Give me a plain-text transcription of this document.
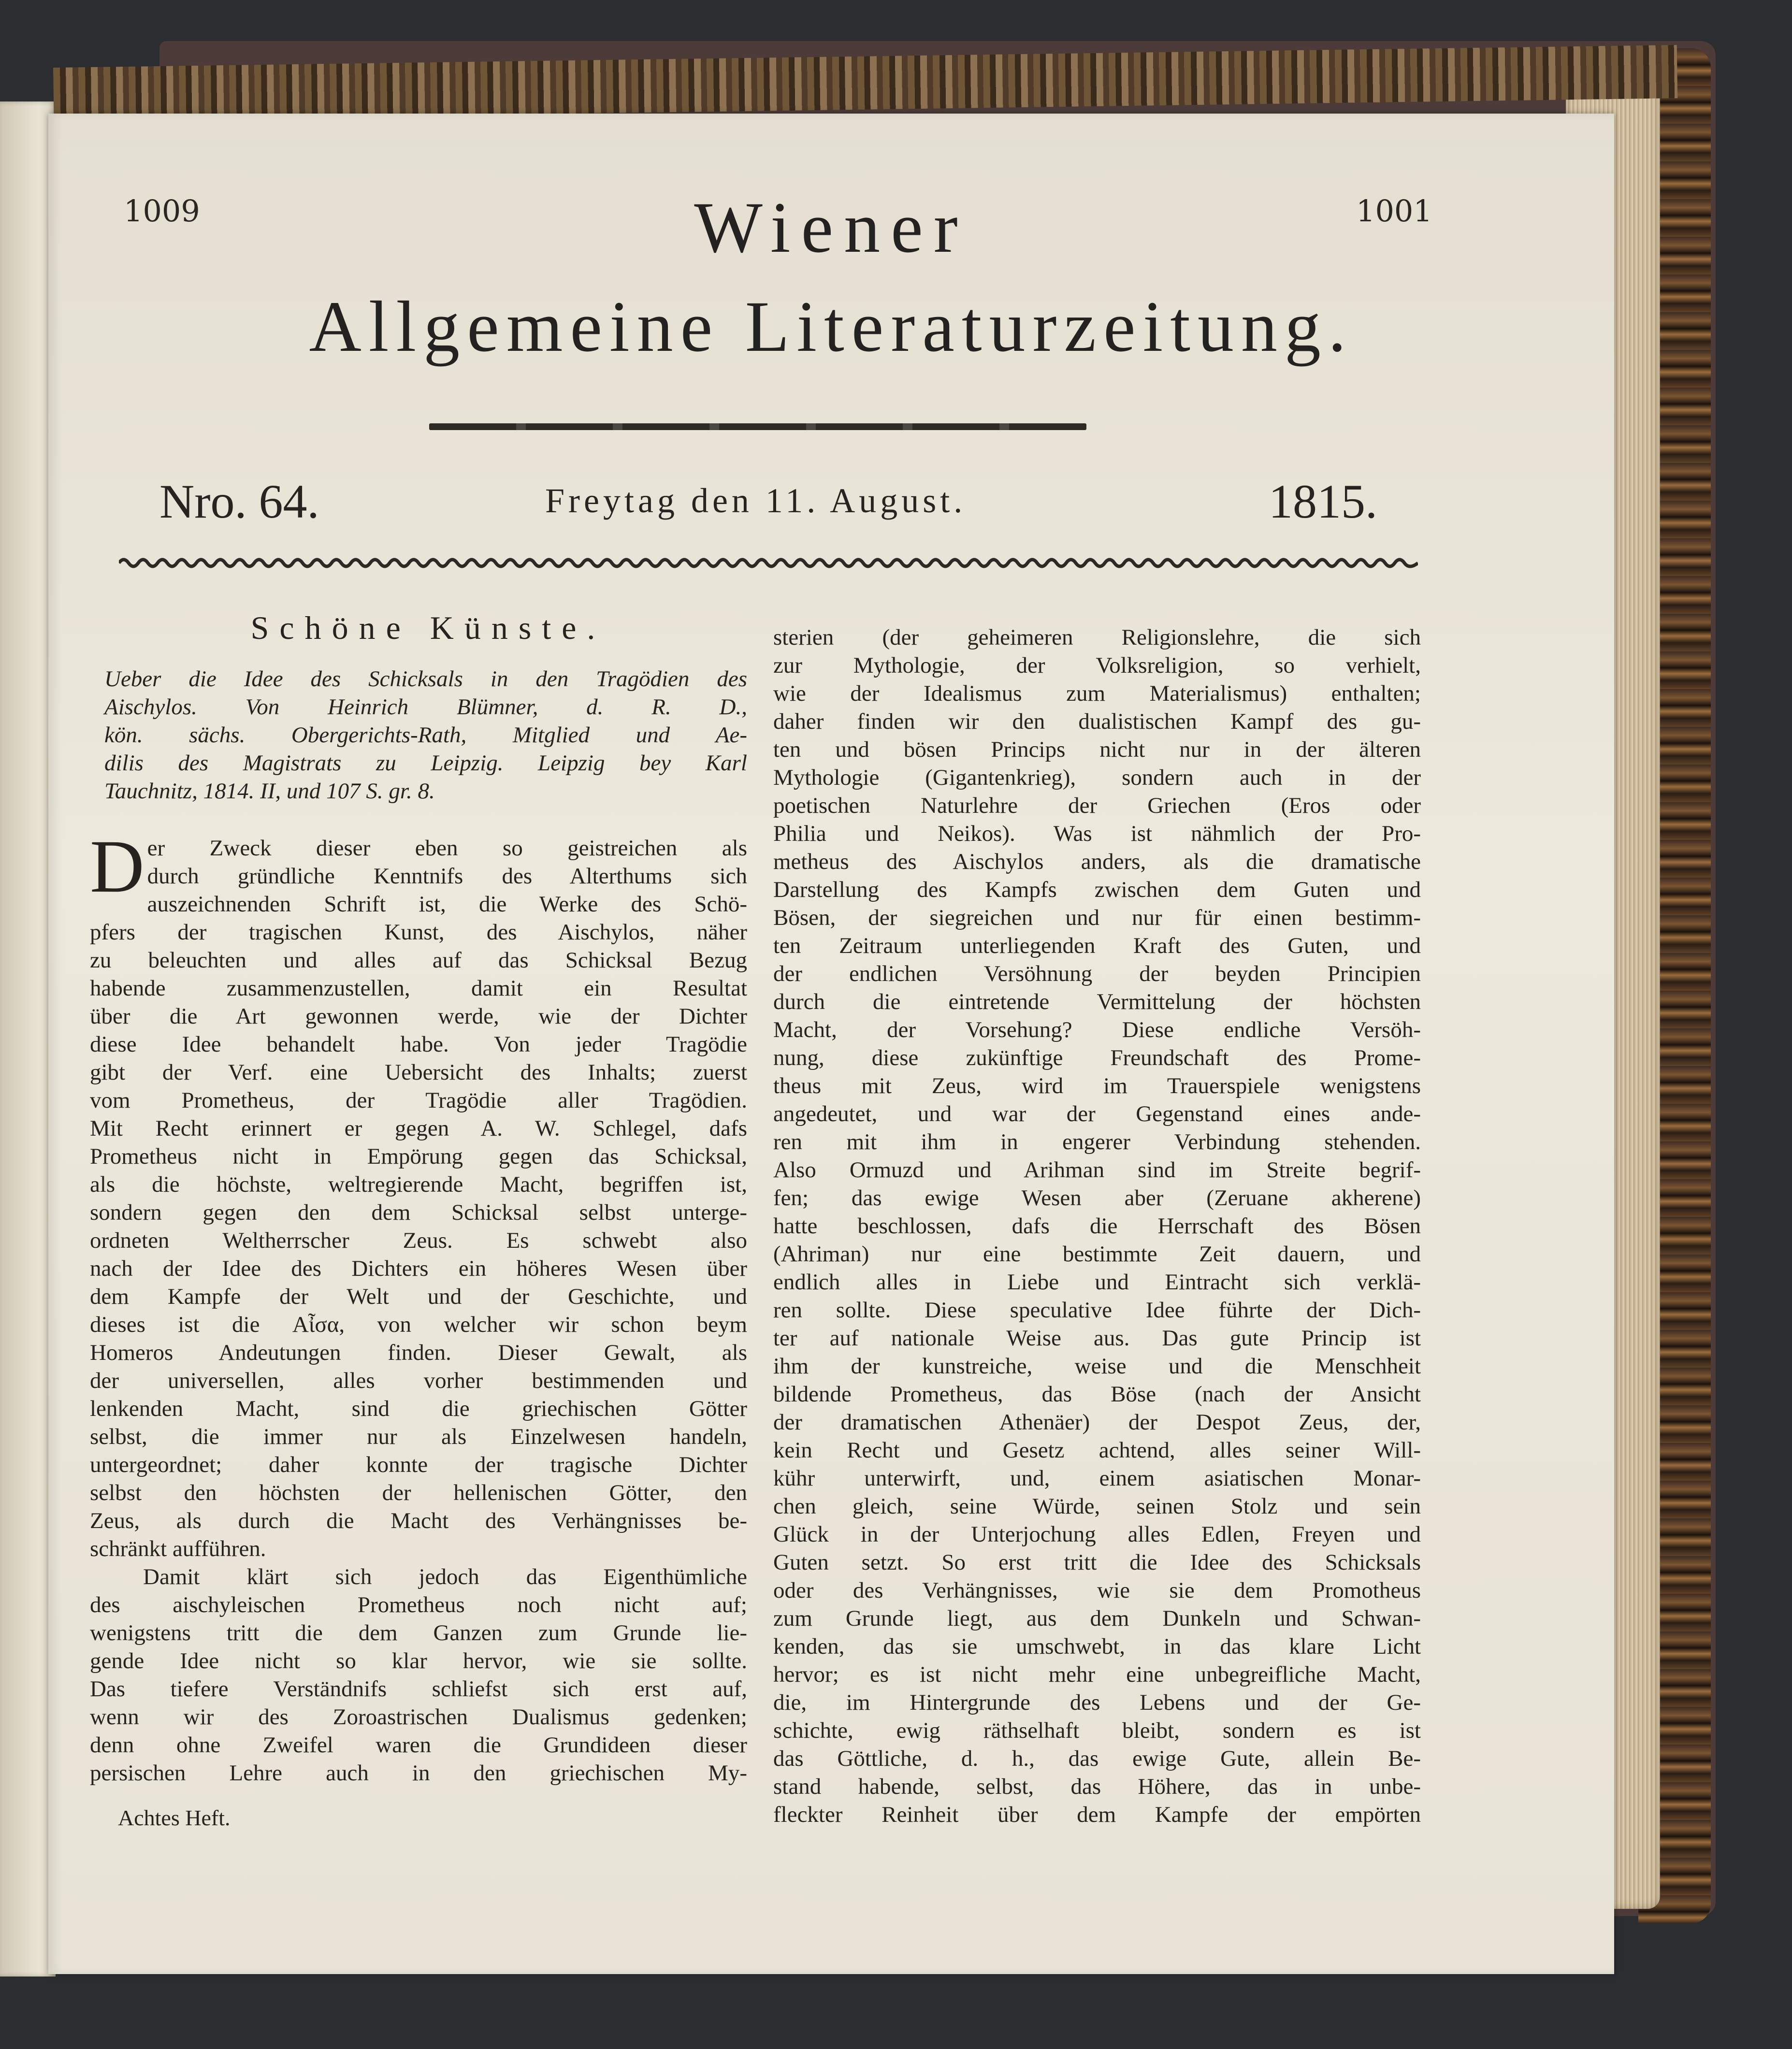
1009	1001
Wiener
Allgemeine Literaturzeitung.
Nro. 64.	Freytag den 11. August.	1815.
Schöne Künste.
Ueber die Idee des Schicksals in den Tragödien des
Aischylos. Von Heinrich Blümner, d. R. D.,
kön. sächs. Obergerichts-Rath, Mitglied und Ae-
dilis des Magistrats zu Leipzig. Leipzig bey Karl
Tauchnitz, 1814. II, und 107 S. gr. 8.
D er Zweck dieser eben so geistreichen als
durch gründliche Kenntnifs des Alterthums sich
auszeichnenden Schrift ist, die Werke des Schö-
pfers der tragischen Kunst, des Aischylos, näher
zu beleuchten und alles auf das Schicksal Bezug
habende zusammenzustellen, damit ein Resultat
über die Art gewonnen werde, wie der Dichter
diese Idee behandelt habe. Von jeder Tragödie
gibt der Verf. eine Uebersicht des Inhalts; zuerst
vom Prometheus, der Tragödie aller Tragödien.
Mit Recht erinnert er gegen A. W. Schlegel, dafs
Prometheus nicht in Empörung gegen das Schicksal,
als die höchste, weltregierende Macht, begriffen ist,
sondern gegen den dem Schicksal selbst unterge-
ordneten Weltherrscher Zeus. Es schwebt also
nach der Idee des Dichters ein höheres Wesen über
dem Kampfe der Welt und der Geschichte, und
dieses ist die Αἶσα, von welcher wir schon beym
Homeros Andeutungen finden. Dieser Gewalt, als
der universellen, alles vorher bestimmenden und
lenkenden Macht, sind die griechischen Götter
selbst, die immer nur als Einzelwesen handeln,
untergeordnet; daher konnte der tragische Dichter
selbst den höchsten der hellenischen Götter, den
Zeus, als durch die Macht des Verhängnisses be-
schränkt aufführen.
Damit klärt sich jedoch das Eigenthümliche
des aischyleischen Prometheus noch nicht auf;
wenigstens tritt die dem Ganzen zum Grunde lie-
gende Idee nicht so klar hervor, wie sie sollte.
Das tiefere Verständnifs schliefst sich erst auf,
wenn wir des Zoroastrischen Dualismus gedenken;
denn ohne Zweifel waren die Grundideen dieser
persischen Lehre auch in den griechischen My-
sterien (der geheimeren Religionslehre, die sich
zur Mythologie, der Volksreligion, so verhielt,
wie der Idealismus zum Materialismus) enthalten;
daher finden wir den dualistischen Kampf des gu-
ten und bösen Princips nicht nur in der älteren
Mythologie (Gigantenkrieg), sondern auch in der
poetischen Naturlehre der Griechen (Eros oder
Philia und Neikos). Was ist nähmlich der Pro-
metheus des Aischylos anders, als die dramatische
Darstellung des Kampfs zwischen dem Guten und
Bösen, der siegreichen und nur für einen bestimm-
ten Zeitraum unterliegenden Kraft des Guten, und
der endlichen Versöhnung der beyden Principien
durch die eintretende Vermittelung der höchsten
Macht, der Vorsehung? Diese endliche Versöh-
nung, diese zukünftige Freundschaft des Prome-
theus mit Zeus, wird im Trauerspiele wenigstens
angedeutet, und war der Gegenstand eines ande-
ren mit ihm in engerer Verbindung stehenden.
Also Ormuzd und Arihman sind im Streite begrif-
fen; das ewige Wesen aber (Zeruane akherene)
hatte beschlossen, dafs die Herrschaft des Bösen
(Ahriman) nur eine bestimmte Zeit dauern, und
endlich alles in Liebe und Eintracht sich verklä-
ren sollte. Diese speculative Idee führte der Dich-
ter auf nationale Weise aus. Das gute Princip ist
ihm der kunstreiche, weise und die Menschheit
bildende Prometheus, das Böse (nach der Ansicht
der dramatischen Athenäer) der Despot Zeus, der,
kein Recht und Gesetz achtend, alles seiner Will-
kühr unterwirft, und, einem asiatischen Monar-
chen gleich, seine Würde, seinen Stolz und sein
Glück in der Unterjochung alles Edlen, Freyen und
Guten setzt. So erst tritt die Idee des Schicksals
oder des Verhängnisses, wie sie dem Promotheus
zum Grunde liegt, aus dem Dunkeln und Schwan-
kenden, das sie umschwebt, in das klare Licht
hervor; es ist nicht mehr eine unbegreifliche Macht,
die, im Hintergrunde des Lebens und der Ge-
schichte, ewig räthselhaft bleibt, sondern es ist
das Göttliche, d. h., das ewige Gute, allein Be-
stand habende, selbst, das Höhere, das in unbe-
fleckter Reinheit über dem Kampfe der empörten
Achtes Heft.
